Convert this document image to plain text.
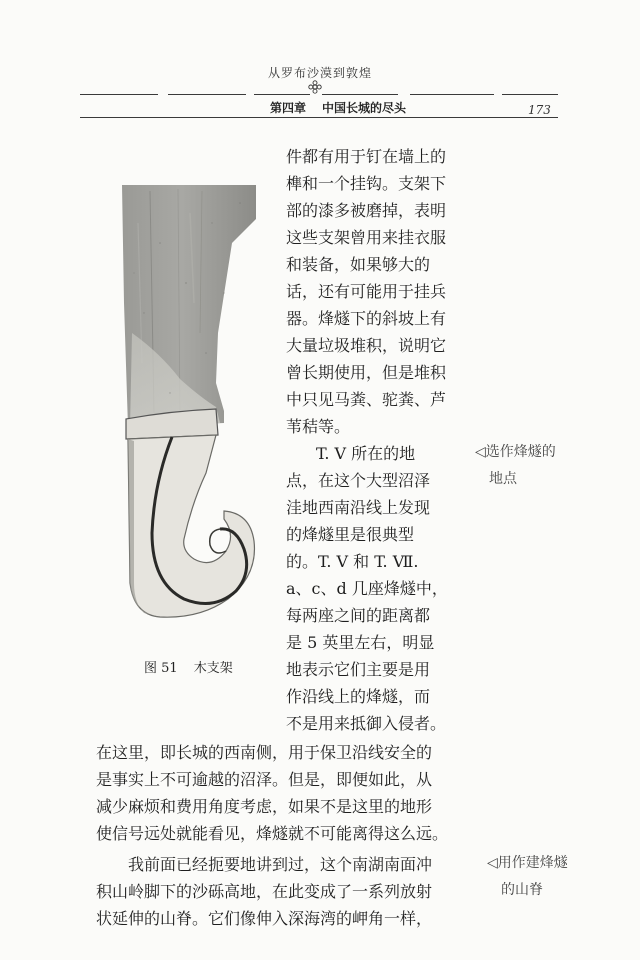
从罗布沙漠到敦煌
第四章 中国长城的尽头	173
图 51 木支架
件都有用于钉在墙上的
榫和一个挂钩。支架下
部的漆多被磨掉，表明
这些支架曾用来挂衣服
和装备，如果够大的
话，还有可能用于挂兵
器。烽燧下的斜坡上有
大量垃圾堆积，说明它
曾长期使用，但是堆积
中只见马粪、驼粪、芦
苇秸等。
T. V 所在的地
点，在这个大型沼泽
洼地西南沿线上发现
的烽燧里是很典型
的。T. V 和 T. Ⅶ.
a、c、d 几座烽燧中，
每两座之间的距离都
是 5 英里左右，明显
地表示它们主要是用
作沿线上的烽燧，而
不是用来抵御入侵者。
在这里，即长城的西南侧，用于保卫沿线安全的
是事实上不可逾越的沼泽。但是，即便如此，从
减少麻烦和费用角度考虑，如果不是这里的地形
使信号远处就能看见，烽燧就不可能离得这么远。
我前面已经扼要地讲到过，这个南湖南面冲
积山岭脚下的沙砾高地，在此变成了一系列放射
状延伸的山脊。它们像伸入深海湾的岬角一样，
◁选作烽燧的
地点
◁用作建烽燧
的山脊
